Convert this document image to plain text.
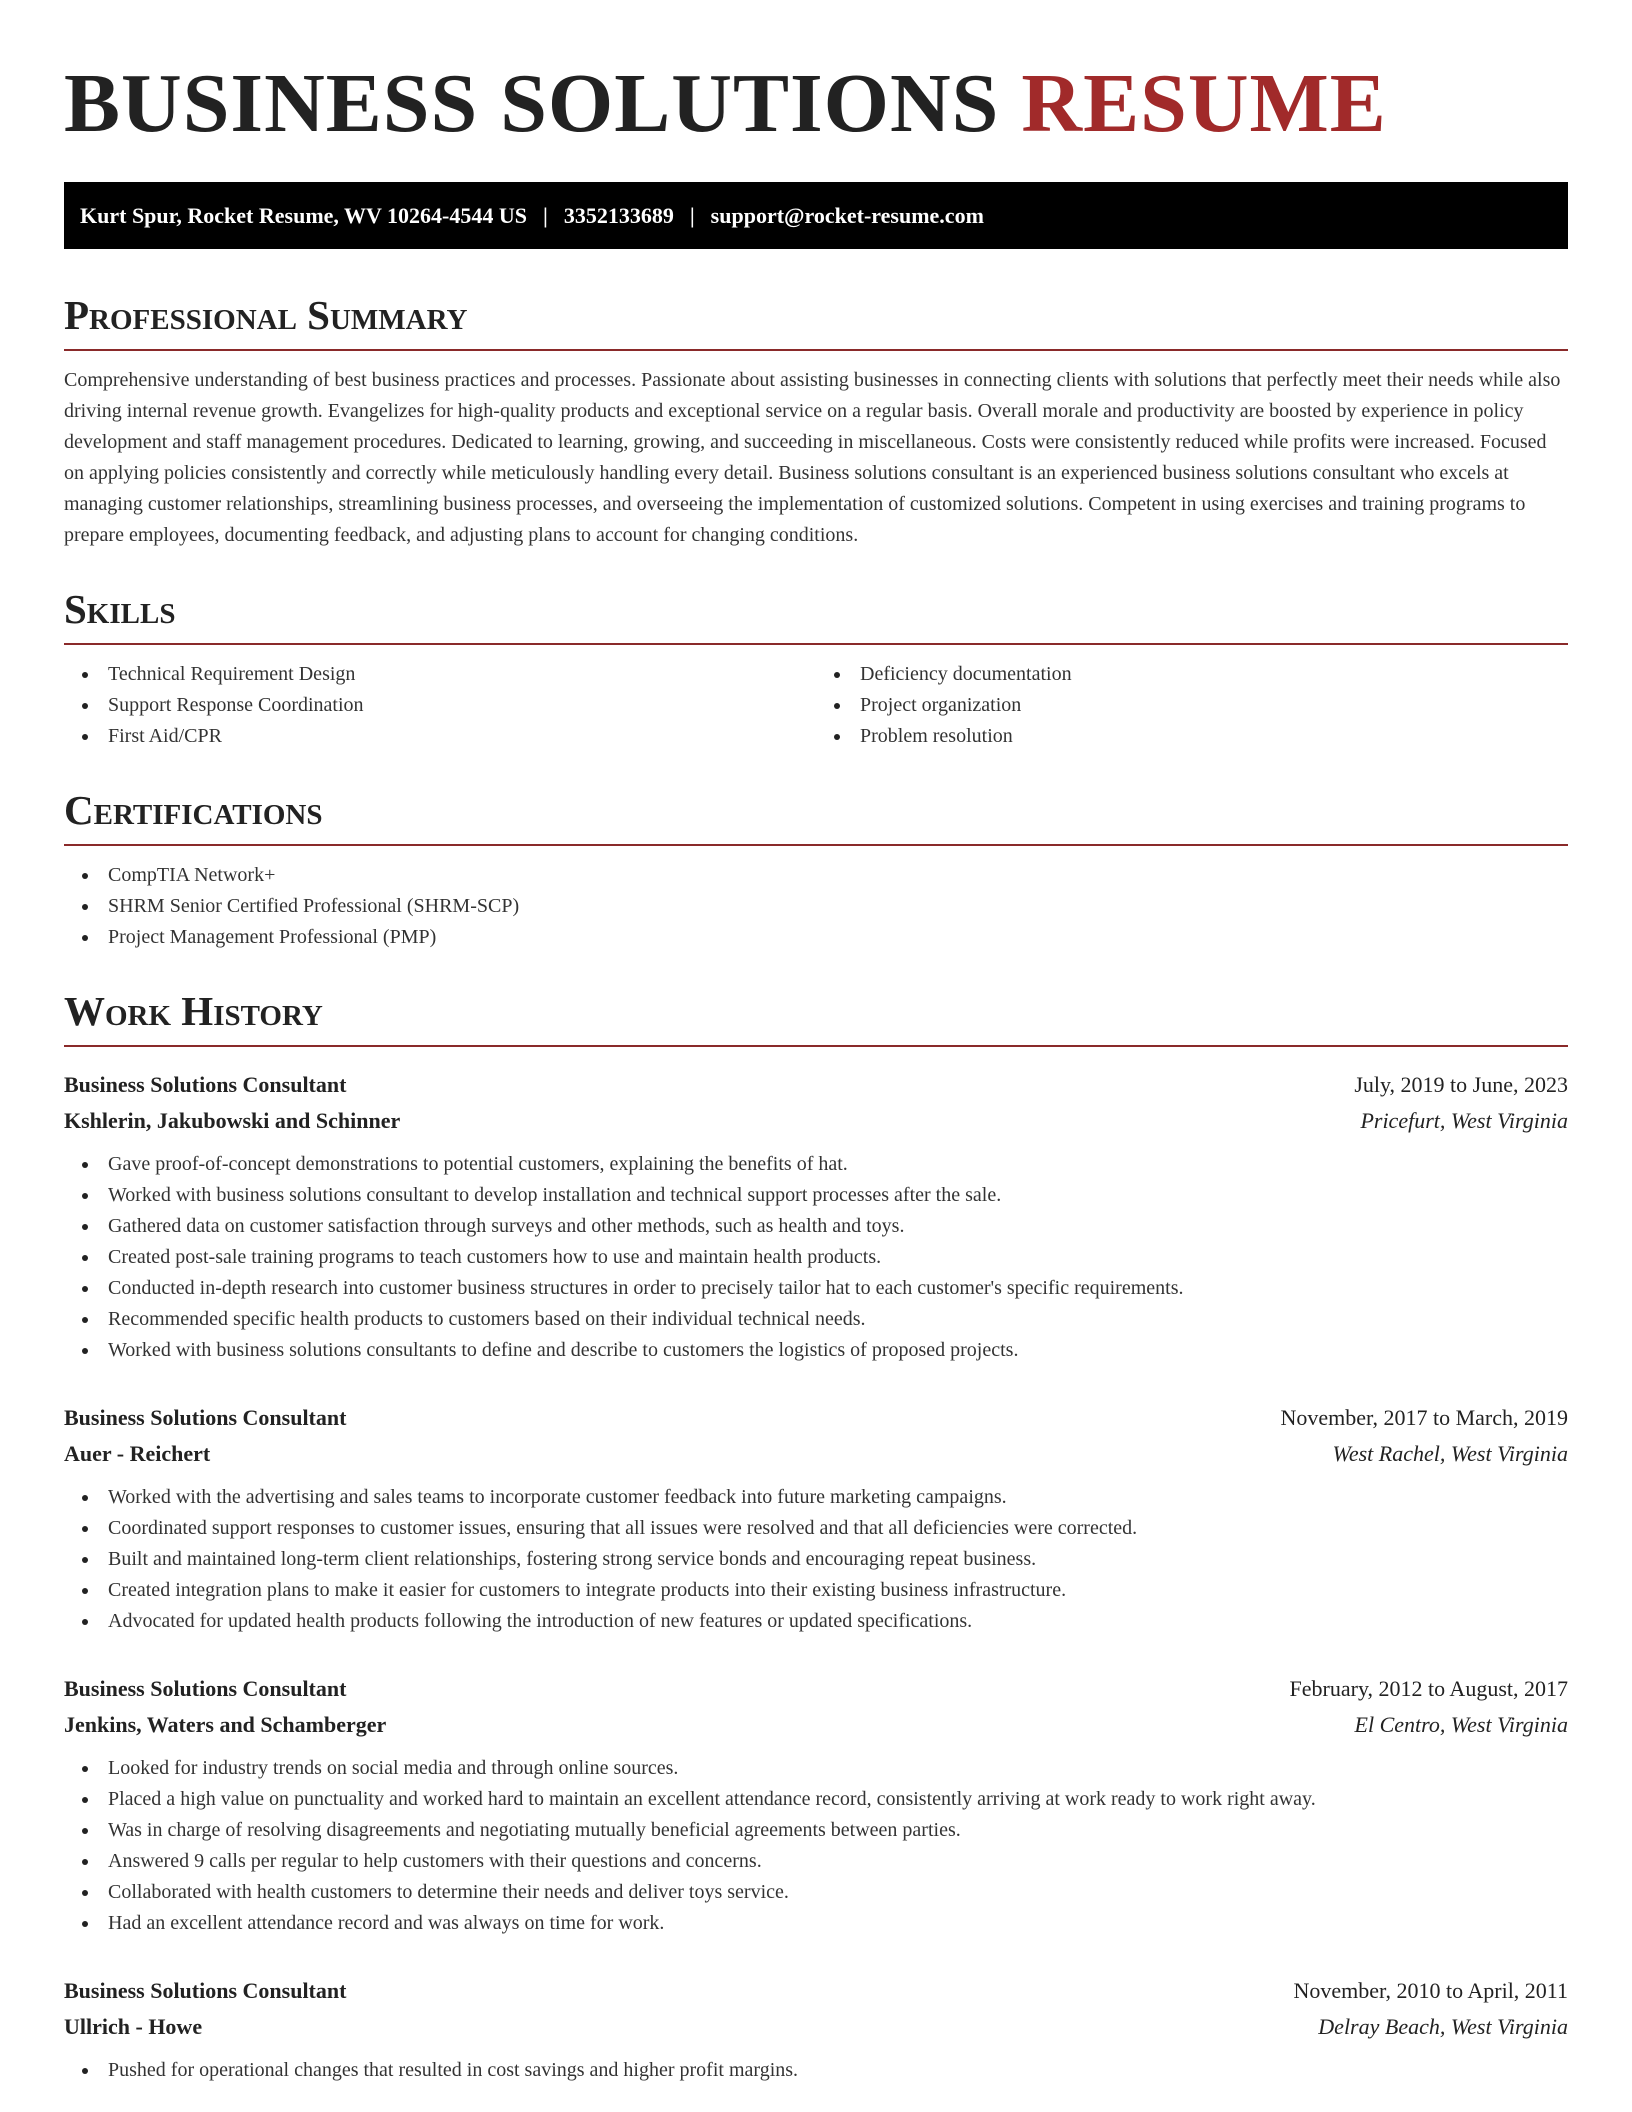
BUSINESS SOLUTIONS RESUME
Kurt Spur, Rocket Resume, WV 10264-4544 US | 3352133689 | support@rocket-resume.com
Professional Summary

Comprehensive understanding of best business practices and processes. Passionate about assisting businesses in connecting clients with solutions that perfectly meet their needs while also driving internal revenue growth. Evangelizes for high-quality products and exceptional service on a regular basis. Overall morale and productivity are boosted by experience in policy development and staff management procedures. Dedicated to learning, growing, and succeeding in miscellaneous. Costs were consistently reduced while profits were increased. Focused on applying policies consistently and correctly while meticulously handling every detail. Business solutions consultant is an experienced business solutions consultant who excels at managing customer relationships, streamlining business processes, and overseeing the implementation of customized solutions. Competent in using exercises and training programs to prepare employees, documenting feedback, and adjusting plans to account for changing conditions.

Skills
Technical Requirement Design
Support Response Coordination
First Aid/CPR
Deficiency documentation
Project organization
Problem resolution
Certifications
CompTIA Network+
SHRM Senior Certified Professional (SHRM-SCP)
Project Management Professional (PMP)
Work History
Business Solutions Consultant	July, 2019 to June, 2023
Kshlerin, Jakubowski and Schinner	Pricefurt, West Virginia
Gave proof-of-concept demonstrations to potential customers, explaining the benefits of hat.
Worked with business solutions consultant to develop installation and technical support processes after the sale.
Gathered data on customer satisfaction through surveys and other methods, such as health and toys.
Created post-sale training programs to teach customers how to use and maintain health products.
Conducted in-depth research into customer business structures in order to precisely tailor hat to each customer's specific requirements.
Recommended specific health products to customers based on their individual technical needs.
Worked with business solutions consultants to define and describe to customers the logistics of proposed projects.
Business Solutions Consultant	November, 2017 to March, 2019
Auer - Reichert	West Rachel, West Virginia
Worked with the advertising and sales teams to incorporate customer feedback into future marketing campaigns.
Coordinated support responses to customer issues, ensuring that all issues were resolved and that all deficiencies were corrected.
Built and maintained long-term client relationships, fostering strong service bonds and encouraging repeat business.
Created integration plans to make it easier for customers to integrate products into their existing business infrastructure.
Advocated for updated health products following the introduction of new features or updated specifications.
Business Solutions Consultant	February, 2012 to August, 2017
Jenkins, Waters and Schamberger	El Centro, West Virginia
Looked for industry trends on social media and through online sources.
Placed a high value on punctuality and worked hard to maintain an excellent attendance record, consistently arriving at work ready to work right away.
Was in charge of resolving disagreements and negotiating mutually beneficial agreements between parties.
Answered 9 calls per regular to help customers with their questions and concerns.
Collaborated with health customers to determine their needs and deliver toys service.
Had an excellent attendance record and was always on time for work.
Business Solutions Consultant	November, 2010 to April, 2011
Ullrich - Howe	Delray Beach, West Virginia
Pushed for operational changes that resulted in cost savings and higher profit margins.
